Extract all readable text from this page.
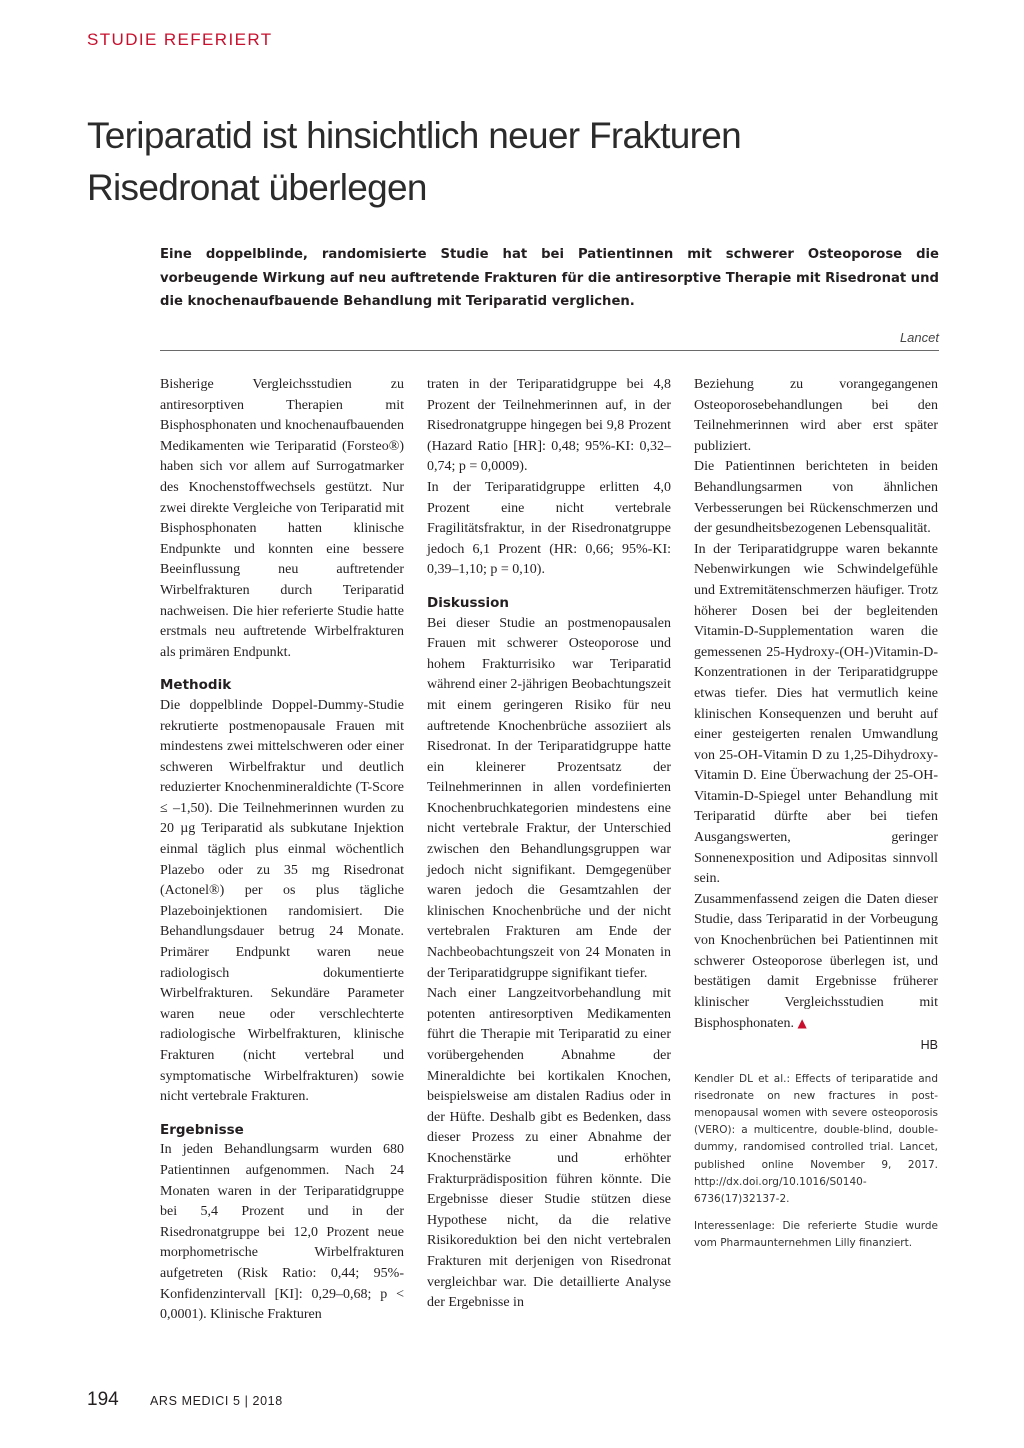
STUDIE REFERIERT
Teriparatid ist hinsichtlich neuer Frakturen
Risedronat überlegen

Eine doppelblinde, randomisierte Studie hat bei Patientinnen mit schwerer Osteoporose die vorbeugende Wirkung auf neu auftretende Frakturen für die antiresorptive Therapie mit Risedronat und die knochenaufbauende Behandlung mit Teriparatid verglichen.

Lancet

Bisherige Vergleichsstudien zu antiresorptiven Therapien mit Bisphosphonaten und knochenaufbauenden Medikamenten wie Teriparatid (Forsteo®) haben sich vor allem auf Surrogatmarker des Knochenstoffwechsels gestützt. Nur zwei direkte Vergleiche von Teriparatid mit Bisphosphonaten hatten klinische Endpunkte und konnten eine bessere Beeinflussung neu auftretender Wirbelfrakturen durch Teriparatid nachweisen. Die hier referierte Studie hatte erstmals neu auftretende Wirbelfrakturen als primären Endpunkt.

Methodik

Die doppelblinde Doppel-Dummy-Studie rekrutierte postmenopausale Frauen mit mindestens zwei mittelschweren oder einer schweren Wirbelfraktur und deutlich reduzierter Knochenmineraldichte (T-Score ≤ –1,50). Die Teilnehmerinnen wurden zu 20 µg Teriparatid als subkutane Injektion einmal täglich plus einmal wöchentlich Plazebo oder zu 35 mg Risedronat (Actonel®) per os plus tägliche Plazeboinjektionen randomisiert. Die Behandlungsdauer betrug 24 Monate. Primärer Endpunkt waren neue radiologisch dokumentierte Wirbelfrakturen. Sekundäre Parameter waren neue oder verschlechterte radiologische Wirbelfrakturen, klinische Frakturen (nicht vertebral und symptomatische Wirbelfrakturen) sowie nicht vertebrale Frakturen.

Ergebnisse

In jeden Behandlungsarm wurden 680 Patientinnen aufgenommen. Nach 24 Monaten waren in der Teriparatidgruppe bei 5,4 Prozent und in der Risedronatgruppe bei 12,0 Prozent neue morphometrische Wirbelfrakturen aufgetreten (Risk Ratio: 0,44; 95%-Konfidenzintervall [KI]: 0,29–0,68; p < 0,0001). Klinische Frakturen

traten in der Teriparatidgruppe bei 4,8 Prozent der Teilnehmerinnen auf, in der Risedronatgruppe hingegen bei 9,8 Prozent (Hazard Ratio [HR]: 0,48; 95%-KI: 0,32–0,74; p = 0,0009).

In der Teriparatidgruppe erlitten 4,0 Prozent eine nicht vertebrale Fragilitätsfraktur, in der Risedronatgruppe jedoch 6,1 Prozent (HR: 0,66; 95%-KI: 0,39–1,10; p = 0,10).

Diskussion

Bei dieser Studie an postmenopausalen Frauen mit schwerer Osteoporose und hohem Frakturrisiko war Teriparatid während einer 2-jährigen Beobachtungszeit mit einem geringeren Risiko für neu auftretende Knochenbrüche assoziiert als Risedronat. In der Teriparatidgruppe hatte ein kleinerer Prozentsatz der Teilnehmerinnen in allen vordefinierten Knochenbruchkategorien mindestens eine nicht vertebrale Fraktur, der Unterschied zwischen den Behandlungsgruppen war jedoch nicht signifikant. Demgegenüber waren jedoch die Gesamtzahlen der klinischen Knochenbrüche und der nicht vertebralen Frakturen am Ende der Nachbeobachtungszeit von 24 Monaten in der Teriparatidgruppe signifikant tiefer.

Nach einer Langzeitvorbehandlung mit potenten antiresorptiven Medikamenten führt die Therapie mit Teriparatid zu einer vorübergehenden Abnahme der Mineraldichte bei kortikalen Knochen, beispielsweise am distalen Radius oder in der Hüfte. Deshalb gibt es Bedenken, dass dieser Prozess zu einer Abnahme der Knochenstärke und erhöhter Frakturprädisposition führen könnte. Die Ergebnisse dieser Studie stützen diese Hypothese nicht, da die relative Risikoreduktion bei den nicht vertebralen Frakturen mit derjenigen von Risedronat vergleichbar war. Die detaillierte Analyse der Ergebnisse in

Beziehung zu vorangegangenen Osteoporosebehandlungen bei den Teilnehmerinnen wird aber erst später publiziert.

Die Patientinnen berichteten in beiden Behandlungsarmen von ähnlichen Verbesserungen bei Rückenschmerzen und der gesundheitsbezogenen Lebensqualität.

In der Teriparatidgruppe waren bekannte Nebenwirkungen wie Schwindelgefühle und Extremitätenschmerzen häufiger. Trotz höherer Dosen bei der begleitenden Vitamin-D-Supplementation waren die gemessenen 25-Hydroxy-(OH-)Vitamin-D-Konzentrationen in der Teriparatidgruppe etwas tiefer. Dies hat vermutlich keine klinischen Konsequenzen und beruht auf einer gesteigerten renalen Umwandlung von 25-OH-Vitamin D zu 1,25-Dihydroxy-Vitamin D. Eine Überwachung der 25-OH-Vitamin-D-Spiegel unter Behandlung mit Teriparatid dürfte aber bei tiefen Ausgangswerten, geringer Sonnenexposition und Adipositas sinnvoll sein.

Zusammenfassend zeigen die Daten dieser Studie, dass Teriparatid in der Vorbeugung von Knochenbrüchen bei Patientinnen mit schwerer Osteoporose überlegen ist, und bestätigen damit Ergebnisse früherer klinischer Vergleichsstudien mit Bisphosphonaten. ▲

HB
Kendler DL et al.: Effects of teriparatide and risedronate on new fractures in post-menopausal women with severe osteoporosis (VERO): a multicentre, double-blind, double-dummy, randomised controlled trial. Lancet, published online November 9, 2017. http://dx.doi.org/10.1016/S0140-6736(17)32137-2.
Interessenlage: Die referierte Studie wurde vom Pharmaunternehmen Lilly finanziert.
194	ARS MEDICI 5 | 2018
